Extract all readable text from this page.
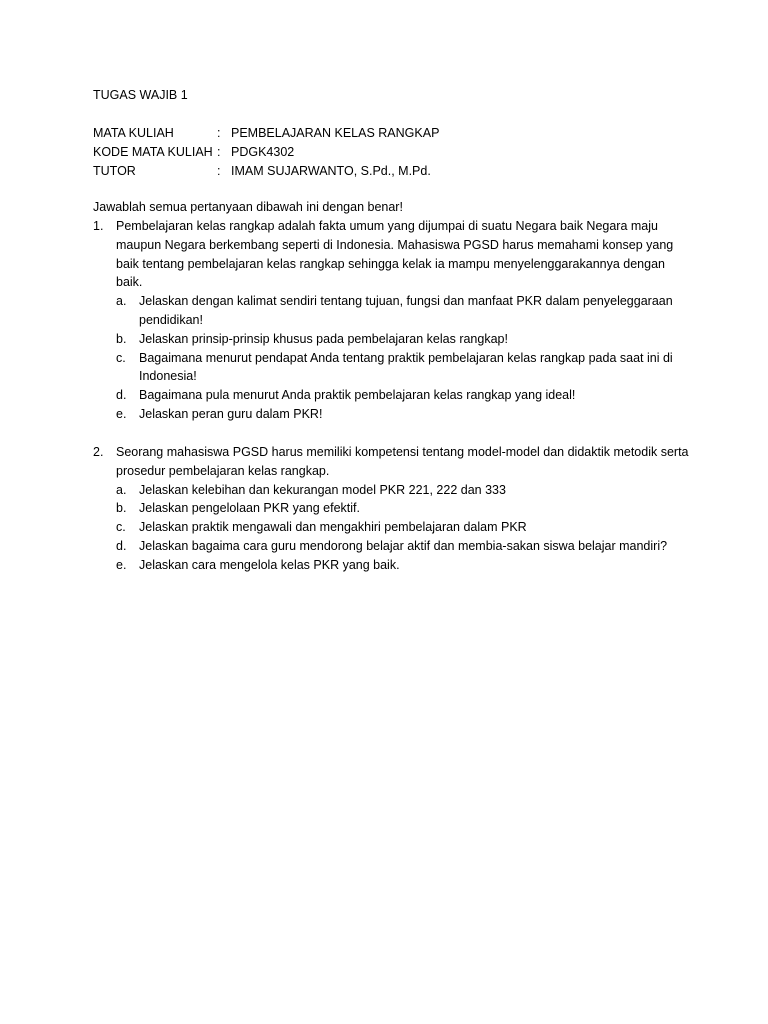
TUGAS WAJIB 1
MATA KULIAH	: PEMBELAJARAN KELAS RANGKAP
KODE MATA KULIAH : PDGK4302
TUTOR	: IMAM SUJARWANTO, S.Pd., M.Pd.
Jawablah semua pertanyaan dibawah ini dengan benar!
1.	Pembelajaran kelas rangkap adalah fakta umum yang dijumpai di suatu Negara baik Negara maju maupun Negara berkembang seperti di Indonesia. Mahasiswa PGSD harus memahami konsep yang baik tentang pembelajaran kelas rangkap sehingga kelak ia mampu menyelenggarakannya dengan baik.
a.	Jelaskan dengan kalimat sendiri tentang tujuan, fungsi dan manfaat PKR dalam penyeleggaraan pendidikan!
b.	Jelaskan prinsip-prinsip khusus pada pembelajaran kelas rangkap!
c.	Bagaimana menurut pendapat Anda tentang praktik pembelajaran kelas rangkap pada saat ini di Indonesia!
d.	Bagaimana pula menurut Anda praktik pembelajaran kelas rangkap yang ideal!
e.	Jelaskan peran guru dalam PKR!
2.	Seorang mahasiswa PGSD harus memiliki kompetensi tentang model-model dan didaktik metodik serta prosedur pembelajaran kelas rangkap.
a.	Jelaskan kelebihan dan kekurangan model PKR 221, 222 dan 333
b.	Jelaskan pengelolaan PKR yang efektif.
c.	Jelaskan praktik mengawali dan mengakhiri pembelajaran dalam PKR
d.	Jelaskan bagaima cara guru mendorong belajar aktif dan membia-sakan siswa belajar mandiri?
e.	Jelaskan cara mengelola kelas PKR yang baik.
